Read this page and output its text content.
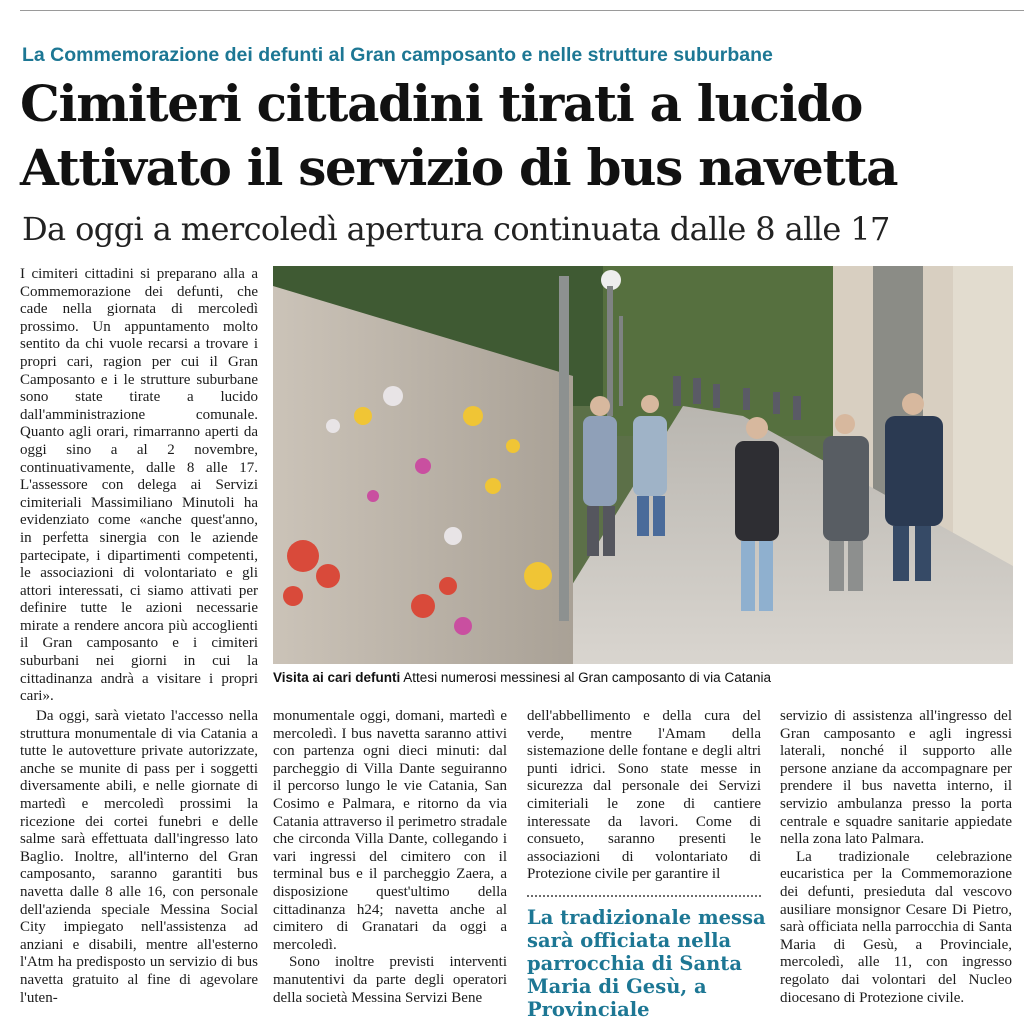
La Commemorazione dei defunti al Gran camposanto e nelle strutture suburbane
Cimiteri cittadini tirati a lucido
Attivato il servizio di bus navetta
Da oggi a mercoledì apertura continuata dalle 8 alle 17

I cimiteri cittadini si preparano alla a Commemorazione dei defunti, che cade nella giornata di mercoledì prossimo. Un appuntamento molto sentito da chi vuole recarsi a trovare i propri cari, ragion per cui il Gran Camposanto e i le strutture suburbane sono state tirate a lucido dall'amministrazione comunale. Quanto agli orari, rimarranno aperti da oggi sino a al 2 novembre, continuativamente, dalle 8 alle 17. L'assessore con delega ai Servizi cimiteriali Massimiliano Minutoli ha evidenziato come «anche quest'anno, in perfetta sinergia con le aziende partecipate, i dipartimenti competenti, le associazioni di volontariato e gli attori interessati, ci siamo attivati per definire tutte le azioni necessarie mirate a rendere ancora più accoglienti il Gran camposanto e i cimiteri suburbani nei giorni in cui la cittadinanza andrà a visitare i propri cari».

Visita ai cari defunti Attesi numerosi messinesi al Gran camposanto di via Catania

Da oggi, sarà vietato l'accesso nella struttura monumentale di via Catania a tutte le autovetture private autorizzate, anche se munite di pass per i soggetti diversamente abili, e nelle giornate di martedì e mercoledì prossimi la ricezione dei cortei funebri e delle salme sarà effettuata dall'ingresso lato Baglio. Inoltre, all'interno del Gran camposanto, saranno garantiti bus navetta dalle 8 alle 16, con personale dell'azienda speciale Messina Social City impiegato nell'assistenza ad anziani e disabili, mentre all'esterno l'Atm ha predisposto un servizio di bus navetta gratuito al fine di agevolare l'uten-

monumentale oggi, domani, martedì e mercoledì. I bus navetta saranno attivi con partenza ogni dieci minuti: dal parcheggio di Villa Dante seguiranno il percorso lungo le vie Catania, San Cosimo e Palmara, e ritorno da via Catania attraverso il perimetro stradale che circonda Villa Dante, collegando i vari ingressi del cimitero con il terminal bus e il parcheggio Zaera, a disposizione quest'ultimo della cittadinanza h24; navetta anche al cimitero di Granatari da oggi a mercoledì.

Sono inoltre previsti interventi manutentivi da parte degli operatori della società Messina Servizi Bene

dell'abbellimento e della cura del verde, mentre l'Amam della sistemazione delle fontane e degli altri punti idrici. Sono state messe in sicurezza dal personale dei Servizi cimiteriali le zone di cantiere interessate da lavori. Come di consueto, saranno presenti le associazioni di volontariato di Protezione civile per garantire il

La tradizionale messa sarà officiata nella parrocchia di Santa Maria di Gesù, a Provinciale

servizio di assistenza all'ingresso del Gran camposanto e agli ingressi laterali, nonché il supporto alle persone anziane da accompagnare per prendere il bus navetta interno, il servizio ambulanza presso la porta centrale e squadre sanitarie appiedate nella zona lato Palmara.

La tradizionale celebrazione eucaristica per la Commemorazione dei defunti, presieduta dal vescovo ausiliare monsignor Cesare Di Pietro, sarà officiata nella parrocchia di Santa Maria di Gesù, a Provinciale, mercoledì, alle 11, con ingresso regolato dai volontari del Nucleo diocesano di Protezione civile.
